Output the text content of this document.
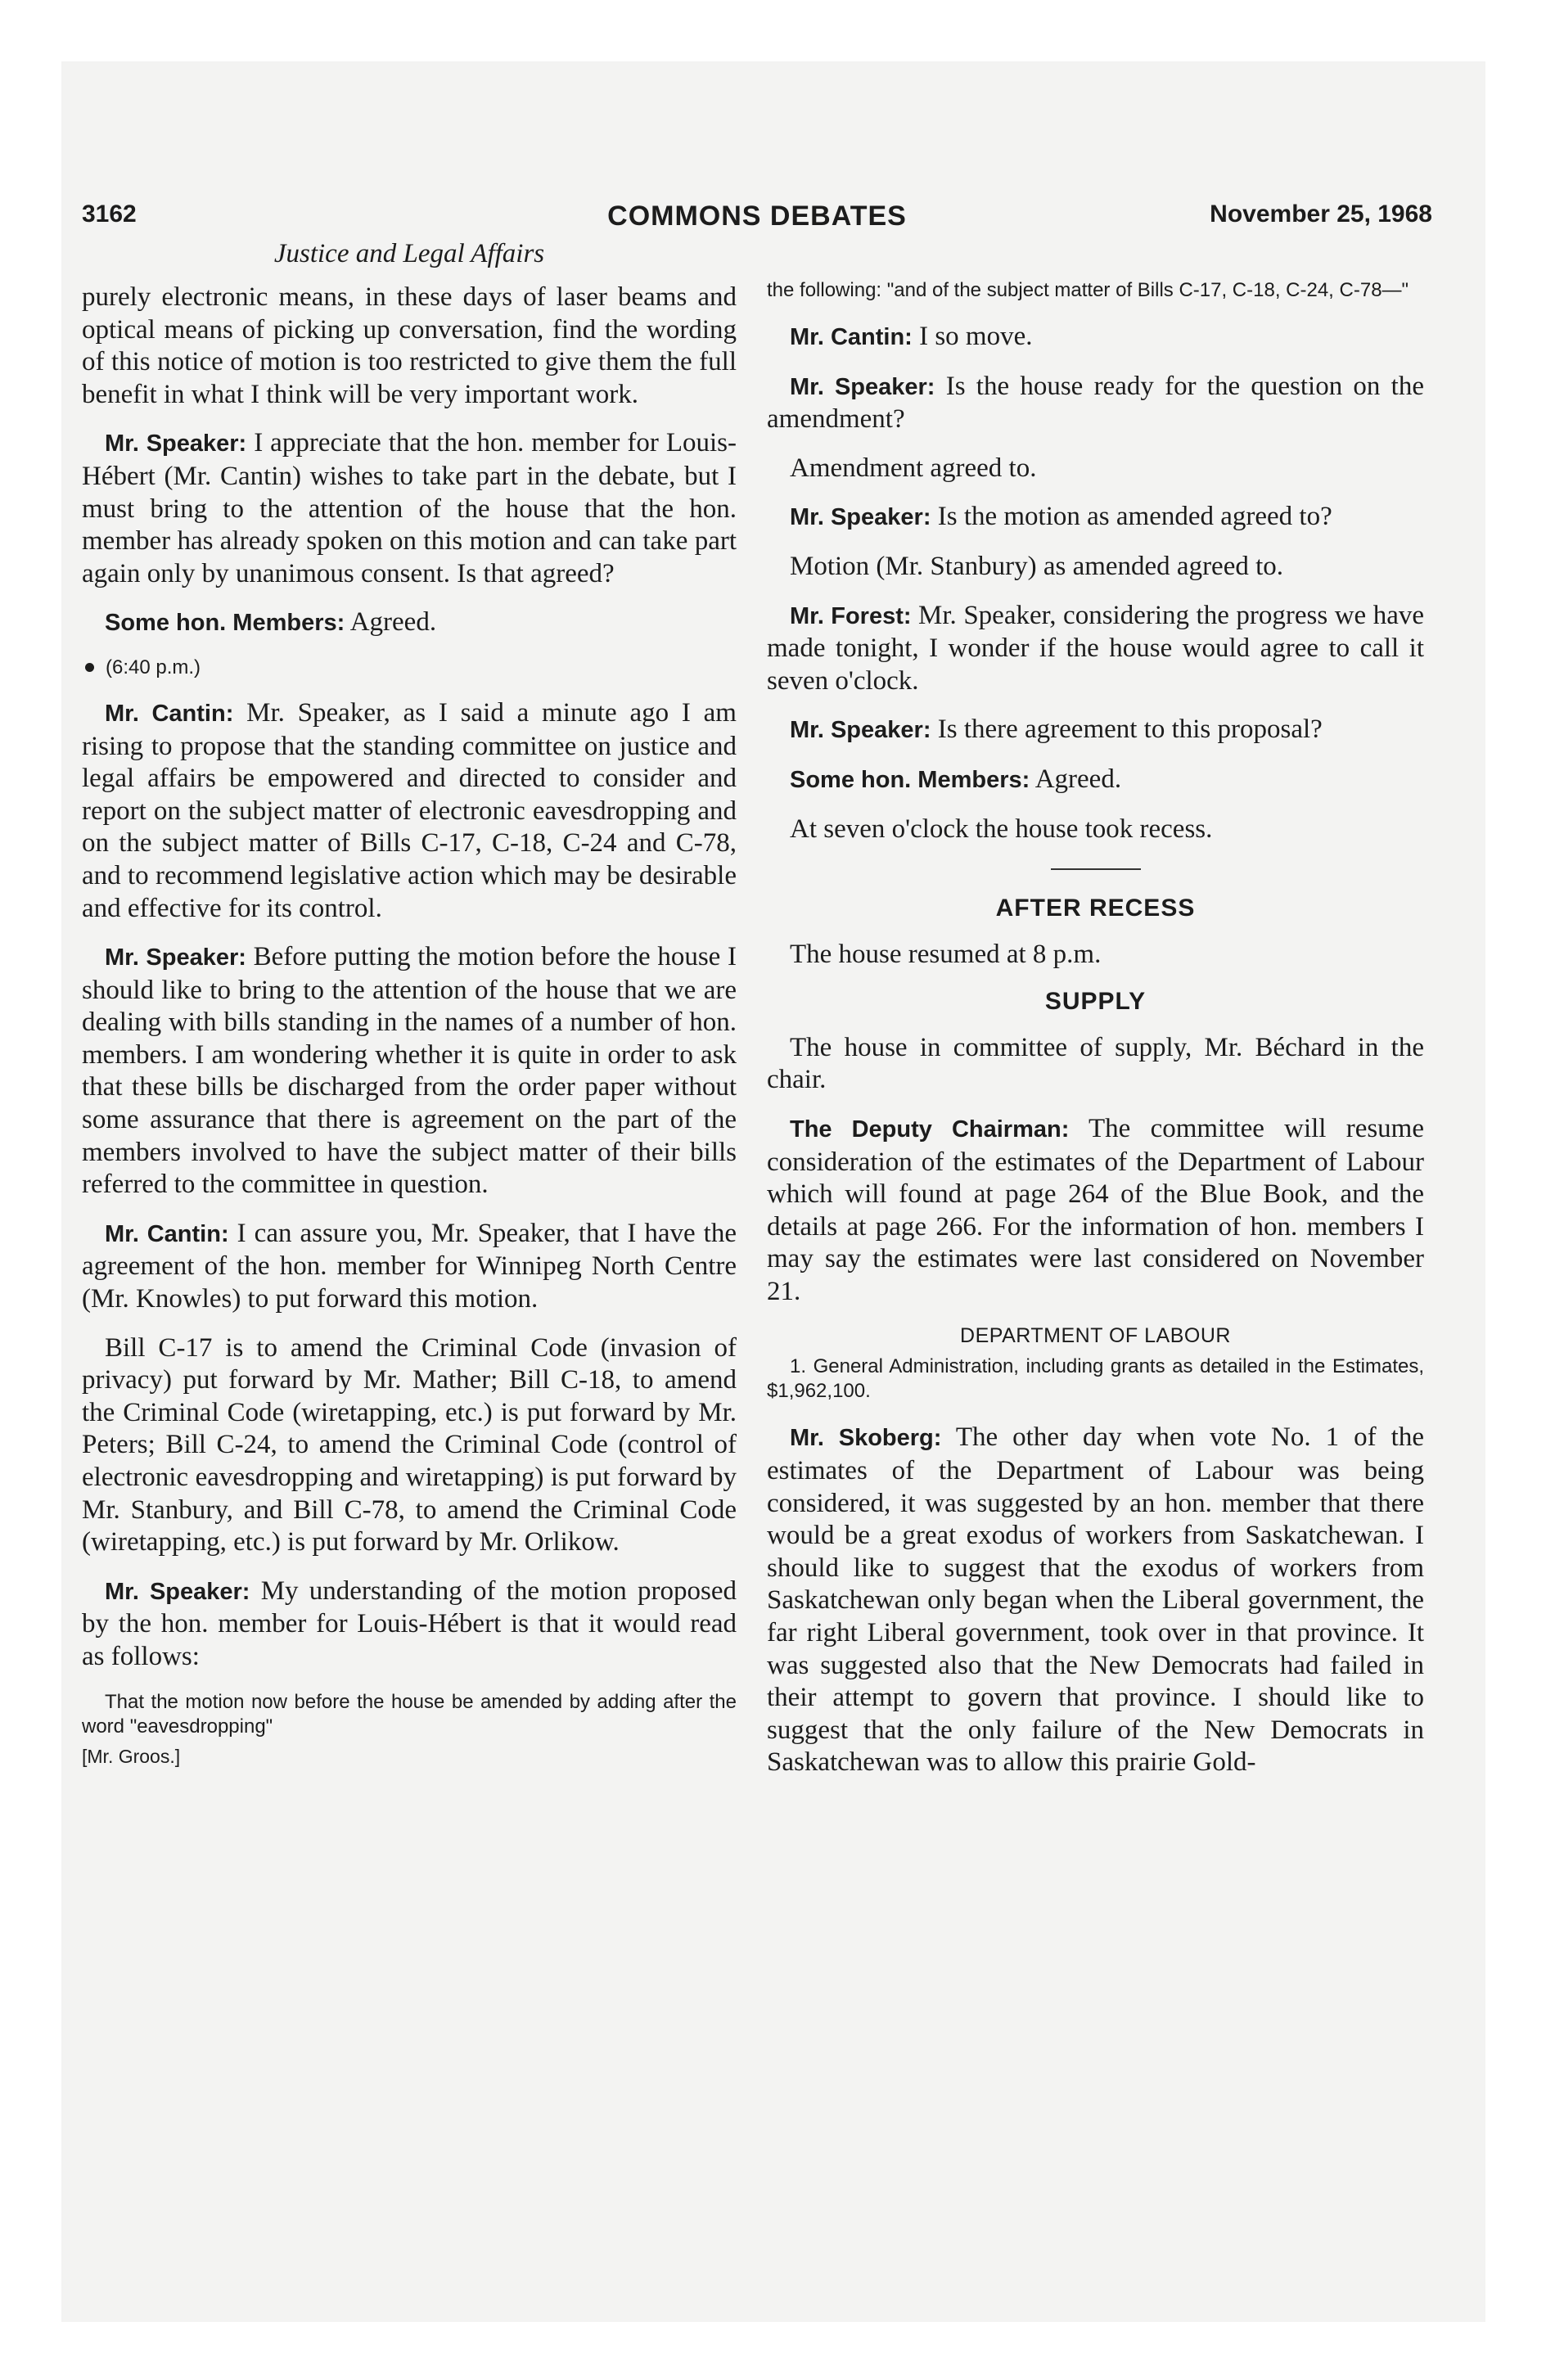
3162	COMMONS DEBATES	November 25, 1968
Justice and Legal Affairs

purely electronic means, in these days of laser beams and optical means of picking up conversation, find the wording of this notice of motion is too restricted to give them the full benefit in what I think will be very important work.

Mr. Speaker: I appreciate that the hon. member for Louis-Hébert (Mr. Cantin) wishes to take part in the debate, but I must bring to the attention of the house that the hon. member has already spoken on this motion and can take part again only by unanimous consent. Is that agreed?

Some hon. Members: Agreed.

(6:40 p.m.)

Mr. Cantin: Mr. Speaker, as I said a minute ago I am rising to propose that the standing committee on justice and legal affairs be empowered and directed to consider and report on the subject matter of electronic eavesdropping and on the subject matter of Bills C-17, C-18, C-24 and C-78, and to recommend legislative action which may be desirable and effective for its control.

Mr. Speaker: Before putting the motion before the house I should like to bring to the attention of the house that we are dealing with bills standing in the names of a number of hon. members. I am wondering whether it is quite in order to ask that these bills be discharged from the order paper without some assurance that there is agreement on the part of the members involved to have the subject matter of their bills referred to the committee in question.

Mr. Cantin: I can assure you, Mr. Speaker, that I have the agreement of the hon. member for Winnipeg North Centre (Mr. Knowles) to put forward this motion.

Bill C-17 is to amend the Criminal Code (invasion of privacy) put forward by Mr. Mather; Bill C-18, to amend the Criminal Code (wiretapping, etc.) is put forward by Mr. Peters; Bill C-24, to amend the Criminal Code (control of electronic eavesdropping and wiretapping) is put forward by Mr. Stanbury, and Bill C-78, to amend the Criminal Code (wiretapping, etc.) is put forward by Mr. Orlikow.

Mr. Speaker: My understanding of the motion proposed by the hon. member for Louis-Hébert is that it would read as follows:

That the motion now before the house be amended by adding after the word "eavesdropping"

[Mr. Groos.]

the following: "and of the subject matter of Bills C-17, C-18, C-24, C-78—"

Mr. Cantin: I so move.

Mr. Speaker: Is the house ready for the question on the amendment?

Amendment agreed to.

Mr. Speaker: Is the motion as amended agreed to?

Motion (Mr. Stanbury) as amended agreed to.

Mr. Forest: Mr. Speaker, considering the progress we have made tonight, I wonder if the house would agree to call it seven o'clock.

Mr. Speaker: Is there agreement to this proposal?

Some hon. Members: Agreed.

At seven o'clock the house took recess.

AFTER RECESS

The house resumed at 8 p.m.

SUPPLY

The house in committee of supply, Mr. Béchard in the chair.

The Deputy Chairman: The committee will resume consideration of the estimates of the Department of Labour which will found at page 264 of the Blue Book, and the details at page 266. For the information of hon. members I may say the estimates were last considered on November 21.

DEPARTMENT OF LABOUR

1. General Administration, including grants as detailed in the Estimates, $1,962,100.

Mr. Skoberg: The other day when vote No. 1 of the estimates of the Department of Labour was being considered, it was suggested by an hon. member that there would be a great exodus of workers from Saskatchewan. I should like to suggest that the exodus of workers from Saskatchewan only began when the Liberal government, the far right Liberal government, took over in that province. It was suggested also that the New Democrats had failed in their attempt to govern that province. I should like to suggest that the only failure of the New Democrats in Saskatchewan was to allow this prairie Gold-
